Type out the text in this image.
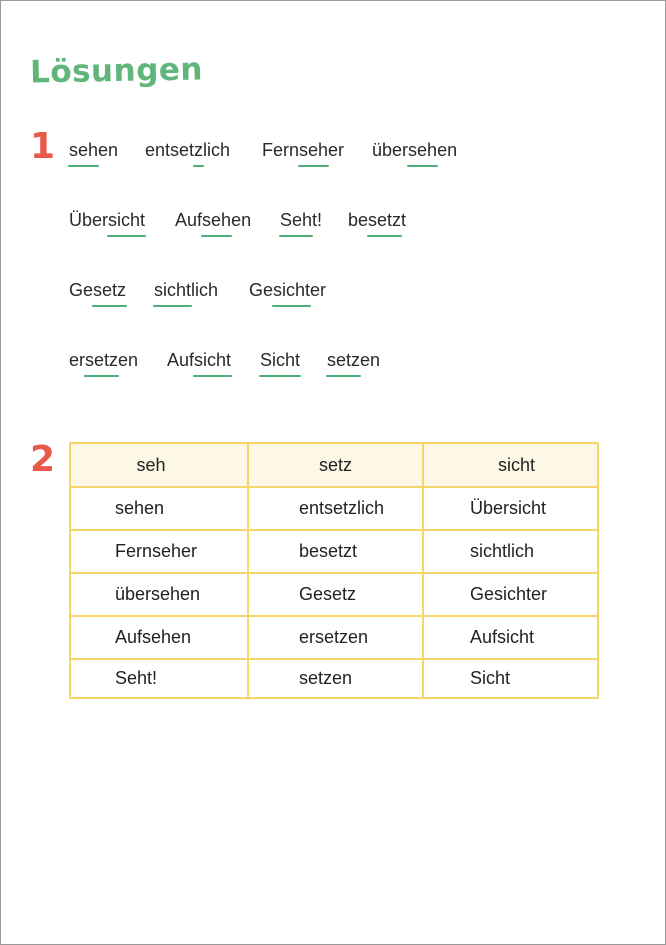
Lösungen
1 sehen entsetzlich Fernseher übersehen
Übersicht Aufsehen Seht! besetzt
Gesetz sichtlich Gesichter
ersetzen Aufsicht Sicht setzen
2	seh	setz	sicht
sehen	entsetzlich	Übersicht
Fernseher	besetzt	sichtlich
übersehen	Gesetz	Gesichter
Aufsehen	ersetzen	Aufsicht
Seht!	setzen	Sicht
